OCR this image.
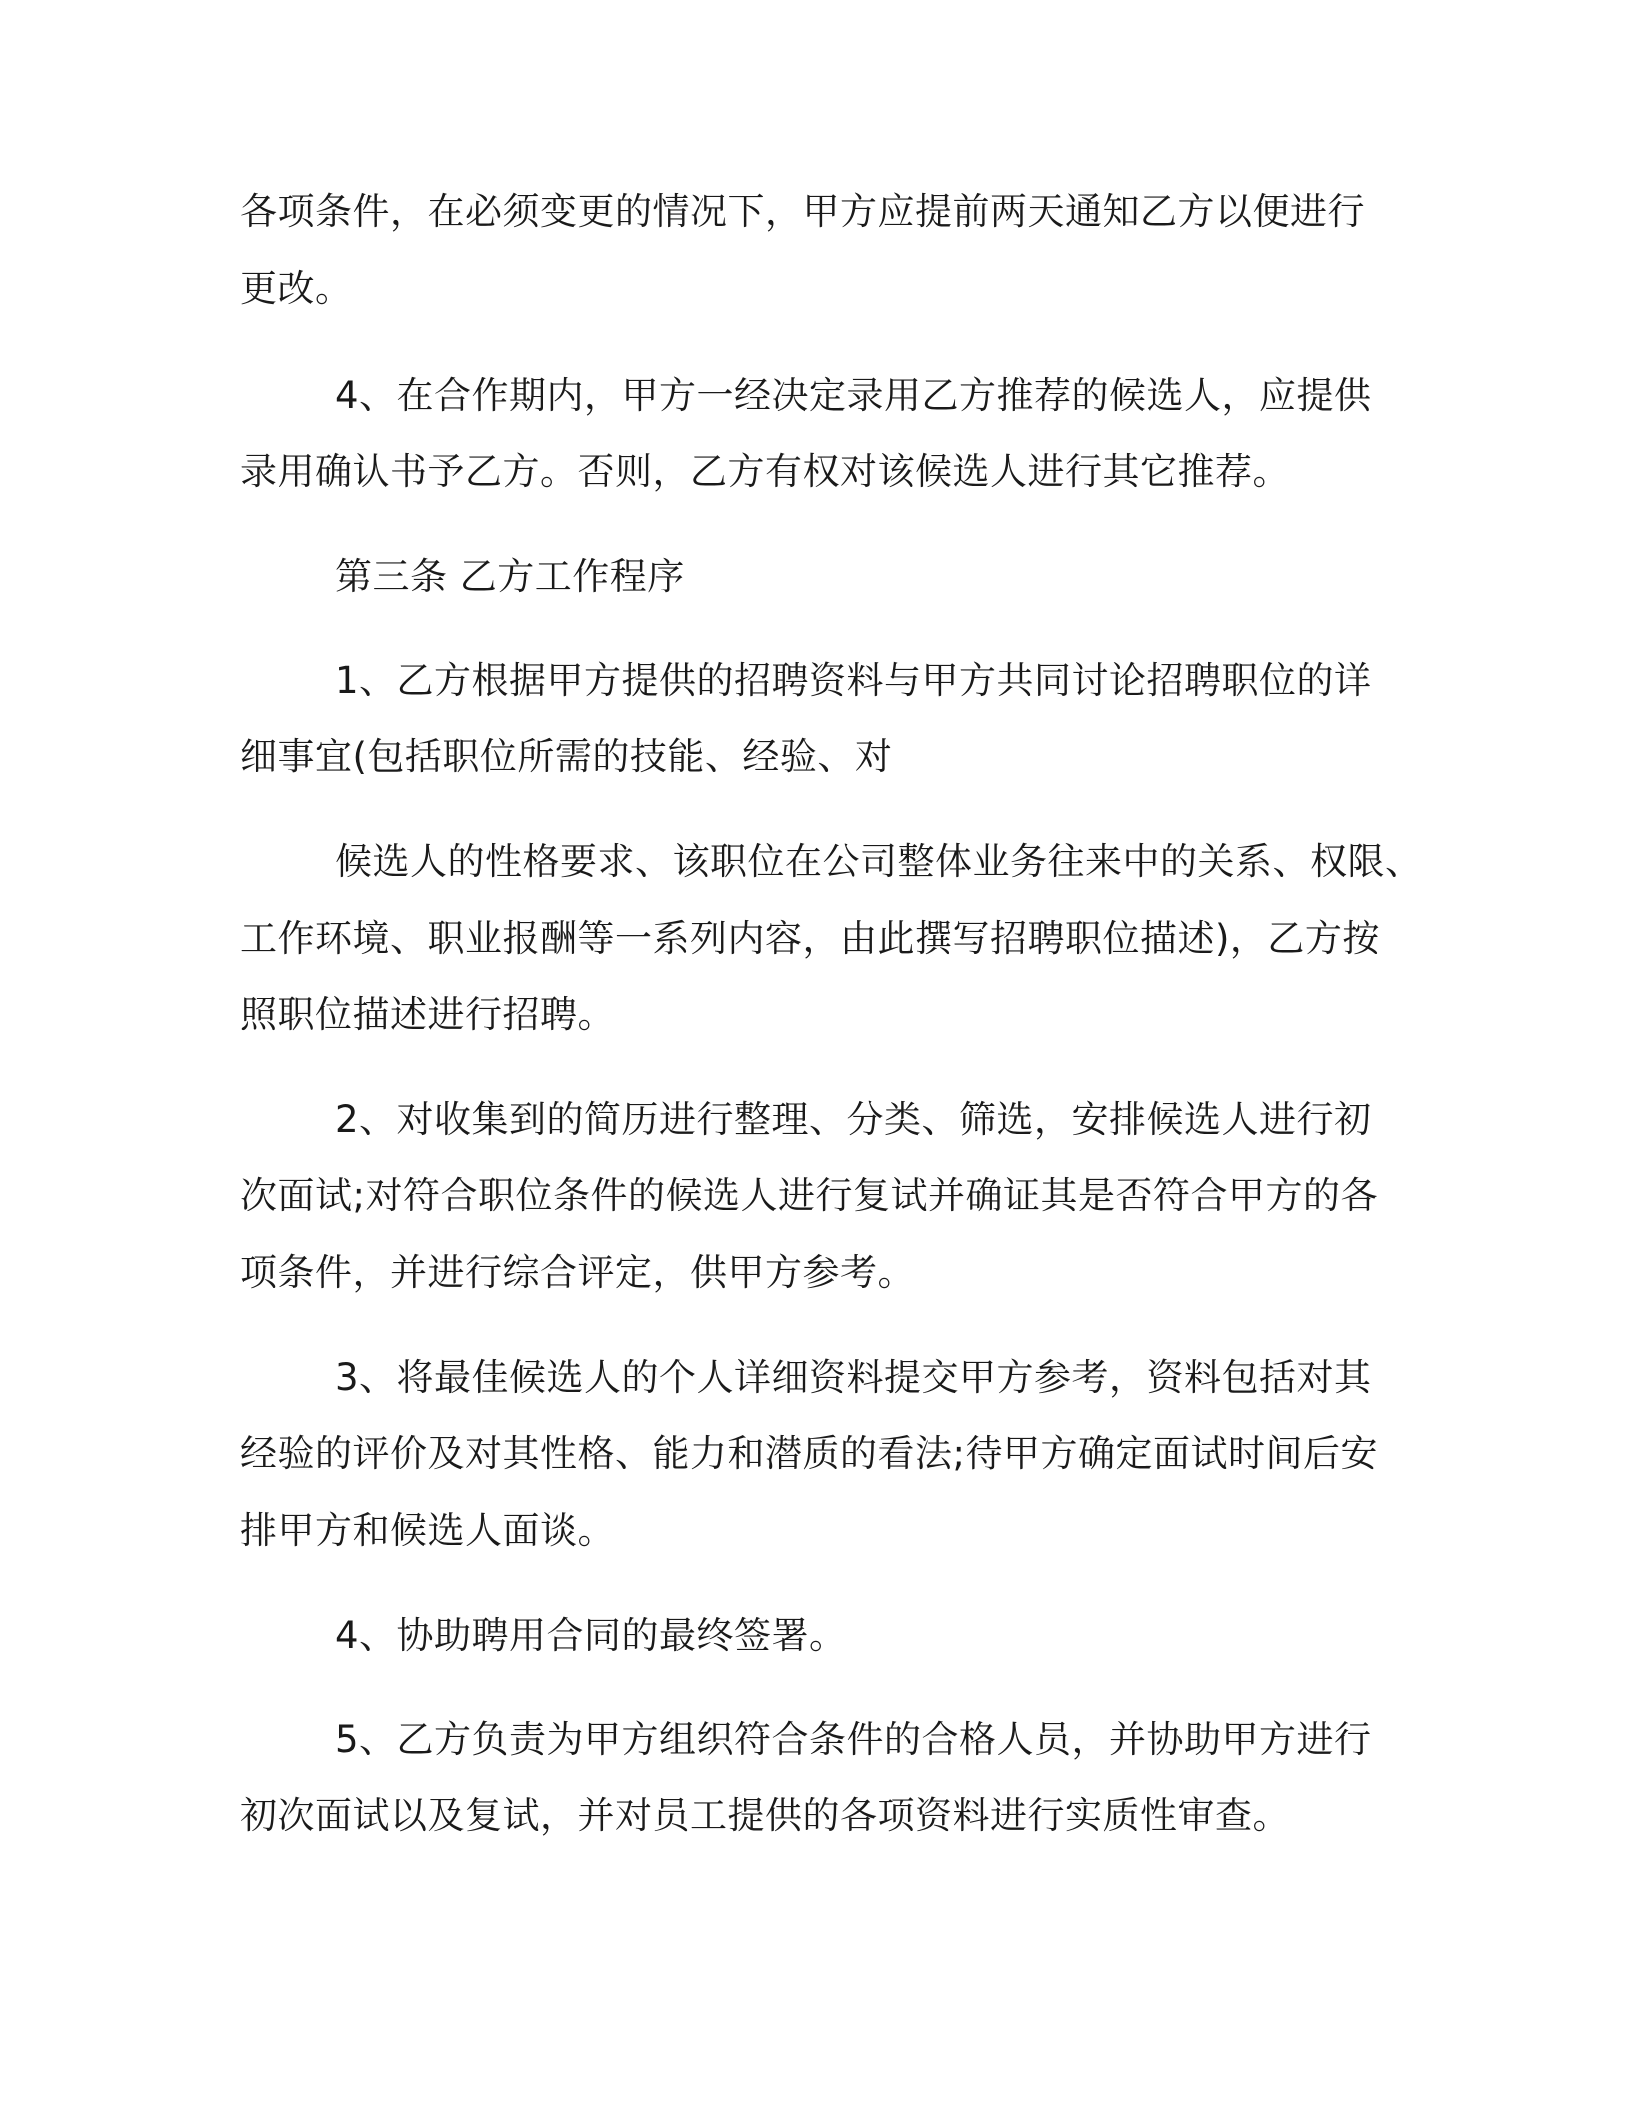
各项条件，在必须变更的情况下，甲方应提前两天通知乙方以便进行
更改。
4、在合作期内，甲方一经决定录用乙方推荐的候选人，应提供
录用确认书予乙方。否则，乙方有权对该候选人进行其它推荐。
第三条 乙方工作程序
1、乙方根据甲方提供的招聘资料与甲方共同讨论招聘职位的详
细事宜(包括职位所需的技能、经验、对
候选人的性格要求、该职位在公司整体业务往来中的关系、权限、
工作环境、职业报酬等一系列内容，由此撰写招聘职位描述)，乙方按
照职位描述进行招聘。
2、对收集到的简历进行整理、分类、筛选，安排候选人进行初
次面试;对符合职位条件的候选人进行复试并确证其是否符合甲方的各
项条件，并进行综合评定，供甲方参考。
3、将最佳候选人的个人详细资料提交甲方参考，资料包括对其
经验的评价及对其性格、能力和潜质的看法;待甲方确定面试时间后安
排甲方和候选人面谈。
4、协助聘用合同的最终签署。
5、乙方负责为甲方组织符合条件的合格人员，并协助甲方进行
初次面试以及复试，并对员工提供的各项资料进行实质性审查。
